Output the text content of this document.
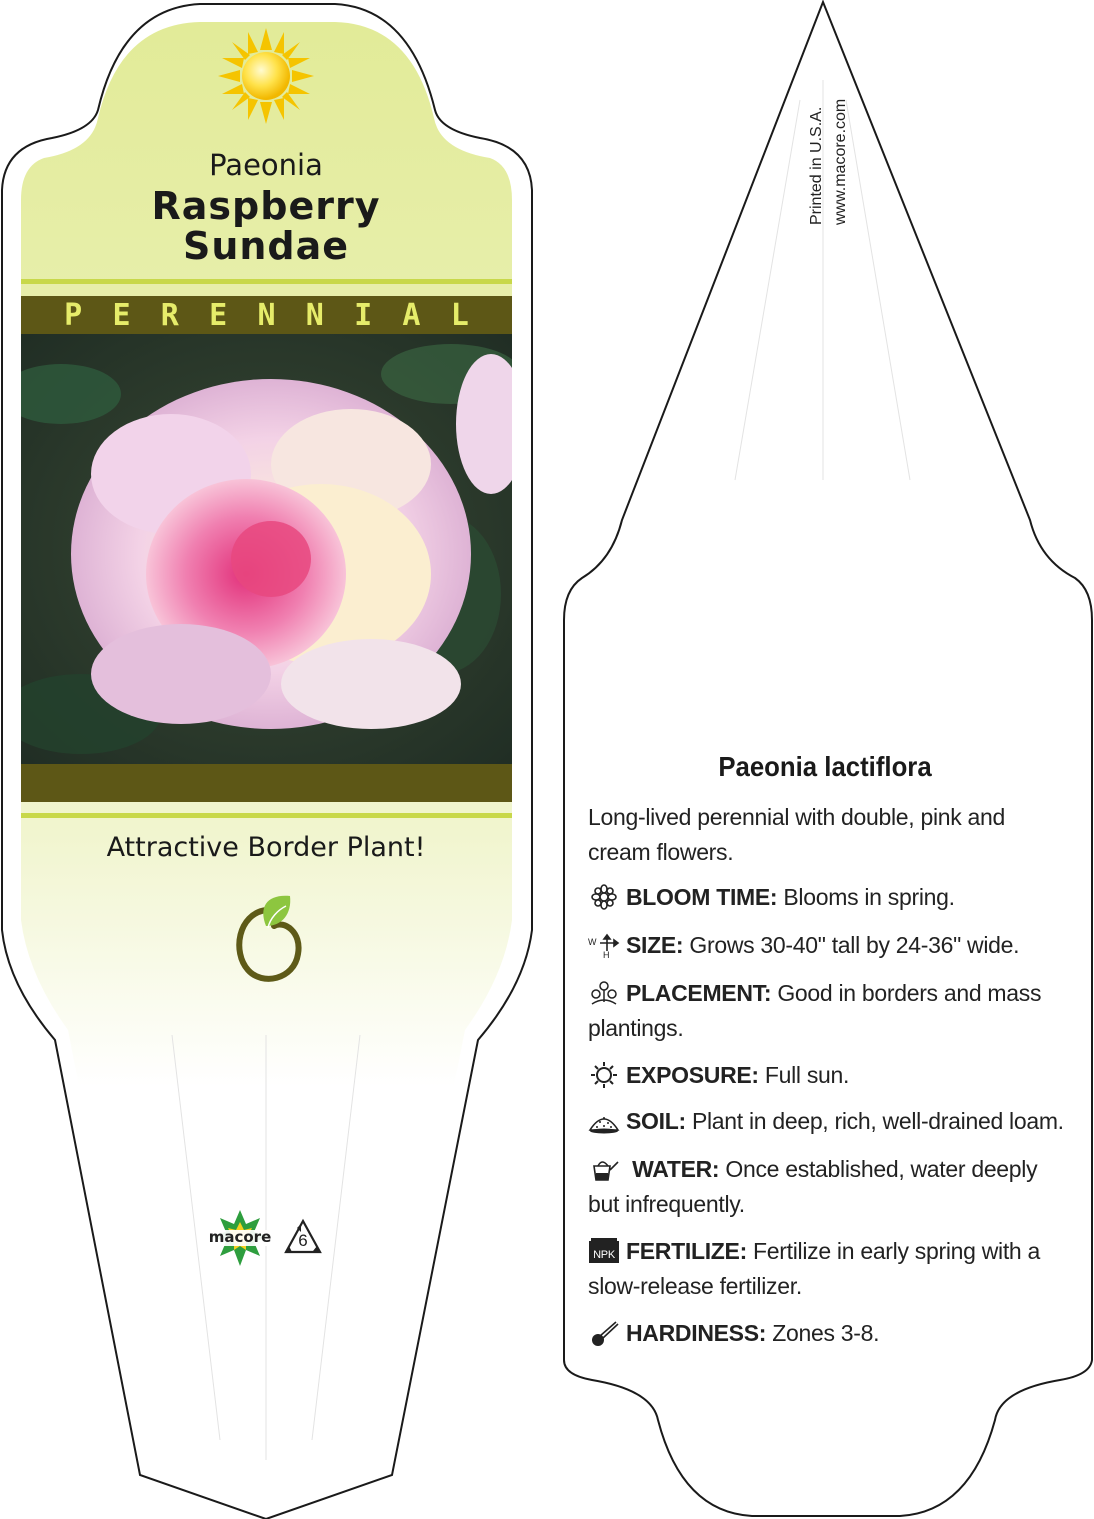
Paeonia
Raspberry
Sundae
P E R E N N I A L
Attractive Border Plant!
macore	6
Printed in U.S.A. www.macore.com
Paeonia lactiflora
Long-lived perennial with double, pink and cream flowers.
BLOOM TIME: Blooms in spring.
W
H SIZE: Grows 30-40" tall by 24-36" wide.
PLACEMENT: Good in borders and mass plantings.
EXPOSURE: Full sun.
SOIL: Plant in deep, rich, well-drained loam.
WATER: Once established, water deeply but infrequently.
NPK FERTILIZE: Fertilize in early spring with a slow-release fertilizer.
HARDINESS: Zones 3-8.
